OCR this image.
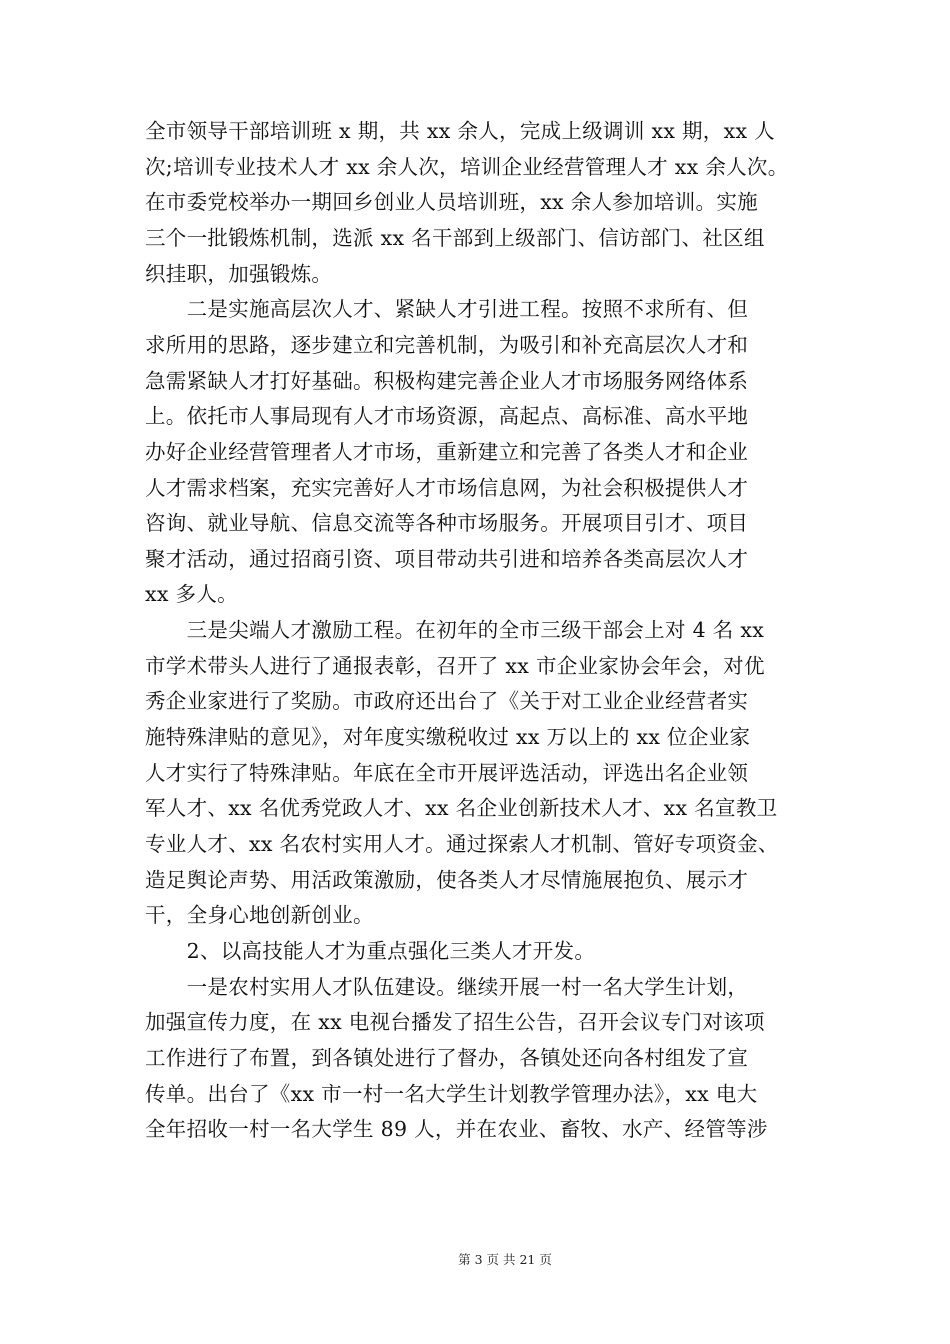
全市领导干部培训班 x 期，共 xx 余人，完成上级调训 xx 期，xx 人
次;培训专业技术人才 xx 余人次，培训企业经营管理人才 xx 余人次。
在市委党校举办一期回乡创业人员培训班，xx 余人参加培训。实施
三个一批锻炼机制，选派 xx 名干部到上级部门、信访部门、社区组
织挂职，加强锻炼。
　　二是实施高层次人才、紧缺人才引进工程。按照不求所有、但
求所用的思路，逐步建立和完善机制，为吸引和补充高层次人才和
急需紧缺人才打好基础。积极构建完善企业人才市场服务网络体系
上。依托市人事局现有人才市场资源，高起点、高标准、高水平地
办好企业经营管理者人才市场，重新建立和完善了各类人才和企业
人才需求档案，充实完善好人才市场信息网，为社会积极提供人才
咨询、就业导航、信息交流等各种市场服务。开展项目引才、项目
聚才活动，通过招商引资、项目带动共引进和培养各类高层次人才
xx 多人。
　　三是尖端人才激励工程。在初年的全市三级干部会上对 4 名 xx
市学术带头人进行了通报表彰，召开了 xx 市企业家协会年会，对优
秀企业家进行了奖励。市政府还出台了《关于对工业企业经营者实
施特殊津贴的意见》，对年度实缴税收过 xx 万以上的 xx 位企业家
人才实行了特殊津贴。年底在全市开展评选活动，评选出名企业领
军人才、xx 名优秀党政人才、xx 名企业创新技术人才、xx 名宣教卫
专业人才、xx 名农村实用人才。通过探索人才机制、管好专项资金、
造足舆论声势、用活政策激励，使各类人才尽情施展抱负、展示才
干，全身心地创新创业。
　　2、以高技能人才为重点强化三类人才开发。
　　一是农村实用人才队伍建设。继续开展一村一名大学生计划，
加强宣传力度，在 xx 电视台播发了招生公告，召开会议专门对该项
工作进行了布置，到各镇处进行了督办，各镇处还向各村组发了宣
传单。出台了《xx 市一村一名大学生计划教学管理办法》，xx 电大
全年招收一村一名大学生 89 人，并在农业、畜牧、水产、经管等涉
第 3 页 共 21 页
